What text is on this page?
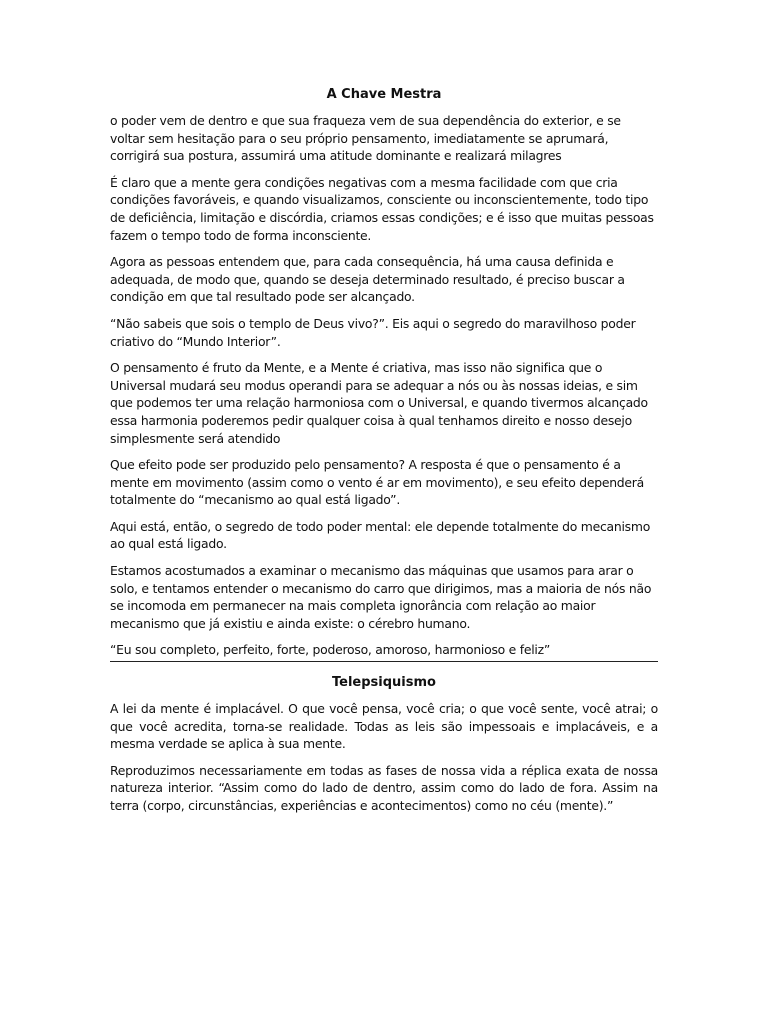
A Chave Mestra

o poder vem de dentro e que sua fraqueza vem de sua dependência do exterior, e se voltar sem hesitação para o seu próprio pensamento, imediatamente se aprumará, corrigirá sua postura, assumirá uma atitude dominante e realizará milagres

É claro que a mente gera condições negativas com a mesma facilidade com que cria condições favoráveis, e quando visualizamos, consciente ou inconscientemente, todo tipo de deficiência, limitação e discórdia, criamos essas condições; e é isso que muitas pessoas fazem o tempo todo de forma inconsciente.

Agora as pessoas entendem que, para cada consequência, há uma causa definida e adequada, de modo que, quando se deseja determinado resultado, é preciso buscar a condição em que tal resultado pode ser alcançado.

“Não sabeis que sois o templo de Deus vivo?”. Eis aqui o segredo do maravilhoso poder criativo do “Mundo Interior”.

O pensamento é fruto da Mente, e a Mente é criativa, mas isso não significa que o Universal mudará seu modus operandi para se adequar a nós ou às nossas ideias, e sim que podemos ter uma relação harmoniosa com o Universal, e quando tivermos alcançado essa harmonia poderemos pedir qualquer coisa à qual tenhamos direito e nosso desejo simplesmente será atendido

Que efeito pode ser produzido pelo pensamento? A resposta é que o pensamento é a mente em movimento (assim como o vento é ar em movimento), e seu efeito dependerá totalmente do “mecanismo ao qual está ligado”.

Aqui está, então, o segredo de todo poder mental: ele depende totalmente do mecanismo ao qual está ligado.

Estamos acostumados a examinar o mecanismo das máquinas que usamos para arar o solo, e tentamos entender o mecanismo do carro que dirigimos, mas a maioria de nós não se incomoda em permanecer na mais completa ignorância com relação ao maior mecanismo que já existiu e ainda existe: o cérebro humano.

“Eu sou completo, perfeito, forte, poderoso, amoroso, harmonioso e feliz”

Telepsiquismo

A lei da mente é implacável. O que você pensa, você cria; o que você sente, você atrai; o que você acredita, torna-se realidade. Todas as leis são impessoais e implacáveis, e a mesma verdade se aplica à sua mente.

Reproduzimos necessariamente em todas as fases de nossa vida a réplica exata de nossa natureza interior. “Assim como do lado de dentro, assim como do lado de fora. Assim na terra (corpo, circunstâncias, experiências e acontecimentos) como no céu (mente).”
